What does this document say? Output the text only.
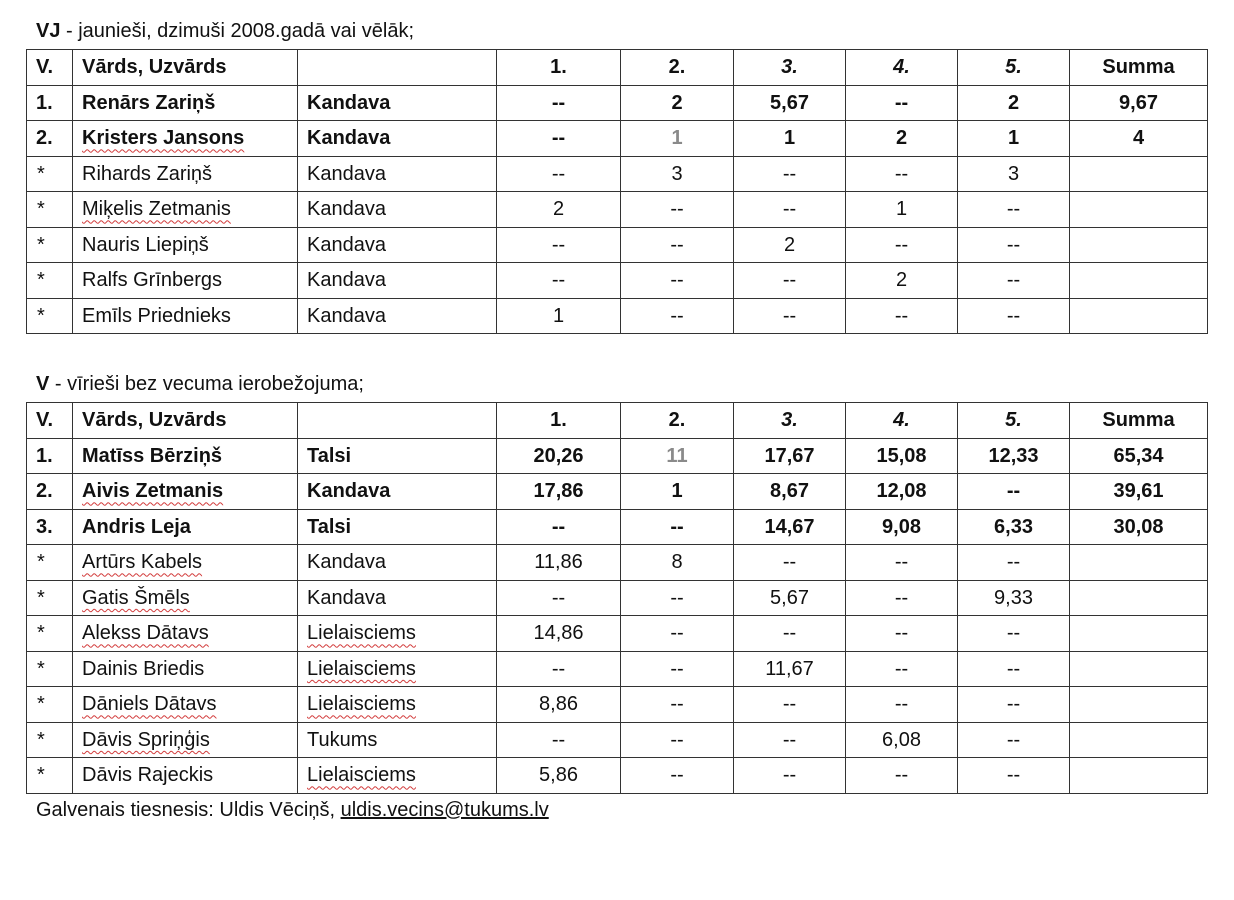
VJ - jaunieši, dzimuši 2008.gadā vai vēlāk;
V.	Vārds, Uzvārds		1.	2.	3.	4.	5.	Summa
1.	Renārs Zariņš	Kandava	--	2	5,67	--	2	9,67
2.	Kristers Jansons	Kandava	--	1	1	2	1	4
*	Rihards Zariņš	Kandava	--	3	--	--	3	
*	Miķelis Zetmanis	Kandava	2	--	--	1	--	
*	Nauris Liepiņš	Kandava	--	--	2	--	--	
*	Ralfs Grīnbergs	Kandava	--	--	--	2	--	
*	Emīls Priednieks	Kandava	1	--	--	--	--	
V - vīrieši bez vecuma ierobežojuma;
V.	Vārds, Uzvārds		1.	2.	3.	4.	5.	Summa
1.	Matīss Bērziņš	Talsi	20,26	11	17,67	15,08	12,33	65,34
2.	Aivis Zetmanis	Kandava	17,86	1	8,67	12,08	--	39,61
3.	Andris Leja	Talsi	--	--	14,67	9,08	6,33	30,08
*	Artūrs Kabels	Kandava	11,86	8	--	--	--	
*	Gatis Šmēls	Kandava	--	--	5,67	--	9,33	
*	Alekss Dātavs	Lielaisciems	14,86	--	--	--	--	
*	Dainis Briedis	Lielaisciems	--	--	11,67	--	--	
*	Dāniels Dātavs	Lielaisciems	8,86	--	--	--	--	
*	Dāvis Spriņģis	Tukums	--	--	--	6,08	--	
*	Dāvis Rajeckis	Lielaisciems	5,86	--	--	--	--	
Galvenais tiesnesis: Uldis Vēciņš, uldis.vecins@tukums.lv
